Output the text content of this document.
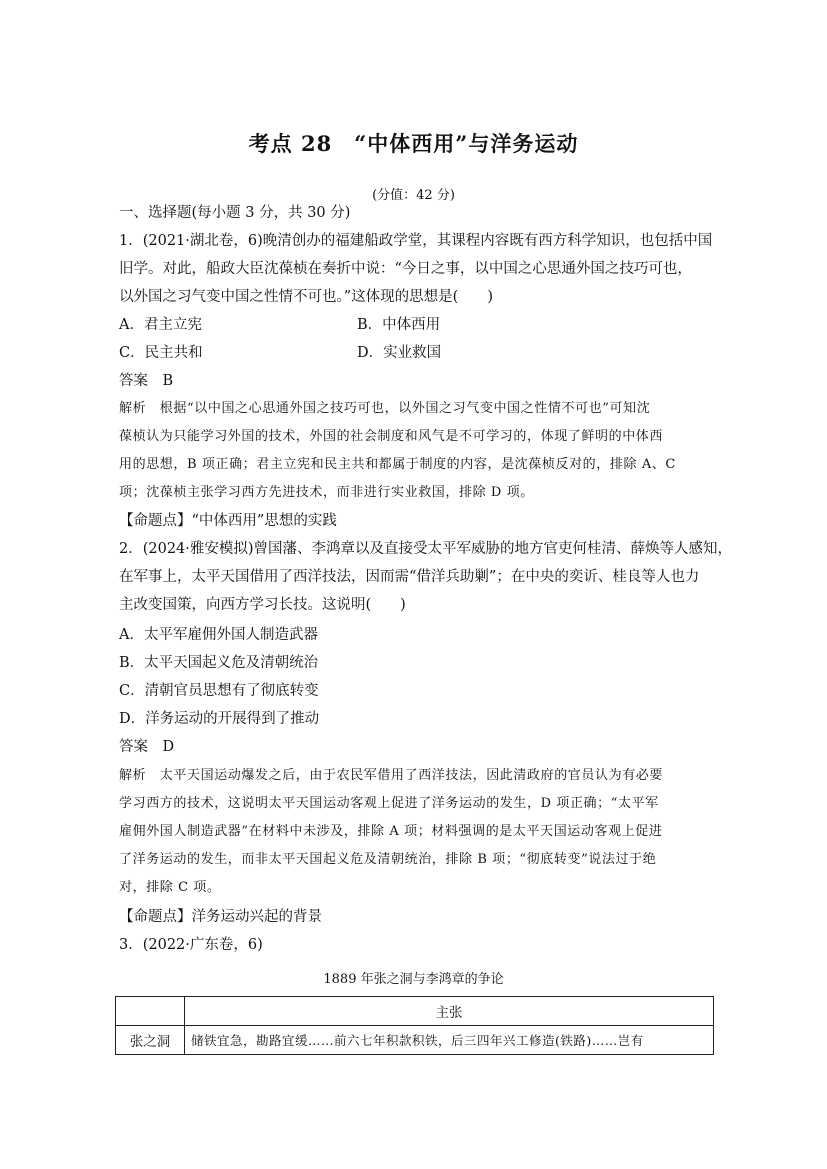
考点 28　“中体西用”与洋务运动
(分值：42 分)
一、选择题(每小题 3 分，共 30 分)
1．(2021·湖北卷，6)晚清创办的福建船政学堂，其课程内容既有西方科学知识，也包括中国
旧学。对此，船政大臣沈葆桢在奏折中说：“今日之事，以中国之心思通外国之技巧可也，
以外国之习气变中国之性情不可也。”这体现的思想是(　　)
A．君主立宪	B．中体西用
C．民主共和	D．实业救国
答案　B
解析　根据“以中国之心思通外国之技巧可也，以外国之习气变中国之性情不可也”可知沈
葆桢认为只能学习外国的技术，外国的社会制度和风气是不可学习的，体现了鲜明的中体西
用的思想，B 项正确；君主立宪和民主共和都属于制度的内容，是沈葆桢反对的，排除 A、C
项；沈葆桢主张学习西方先进技术，而非进行实业救国，排除 D 项。
【命题点】“中体西用”思想的实践
2．(2024·雅安模拟)曾国藩、李鸿章以及直接受太平军威胁的地方官吏何桂清、薛焕等人感知，
在军事上，太平天国借用了西洋技法，因而需“借洋兵助剿”；在中央的奕䜣、桂良等人也力
主改变国策，向西方学习长技。这说明(　　)
A．太平军雇佣外国人制造武器
B．太平天国起义危及清朝统治
C．清朝官员思想有了彻底转变
D．洋务运动的开展得到了推动
答案　D
解析　太平天国运动爆发之后，由于农民军借用了西洋技法，因此清政府的官员认为有必要
学习西方的技术，这说明太平天国运动客观上促进了洋务运动的发生，D 项正确；“太平军
雇佣外国人制造武器”在材料中未涉及，排除 A 项；材料强调的是太平天国运动客观上促进
了洋务运动的发生，而非太平天国起义危及清朝统治，排除 B 项；“彻底转变”说法过于绝
对，排除 C 项。
【命题点】洋务运动兴起的背景
3．(2022·广东卷，6)
1889 年张之洞与李鸿章的争论
	主张
张之洞	储铁宜急，勘路宜缓……前六七年积款积铁，后三四年兴工修造(铁路)……岂有
